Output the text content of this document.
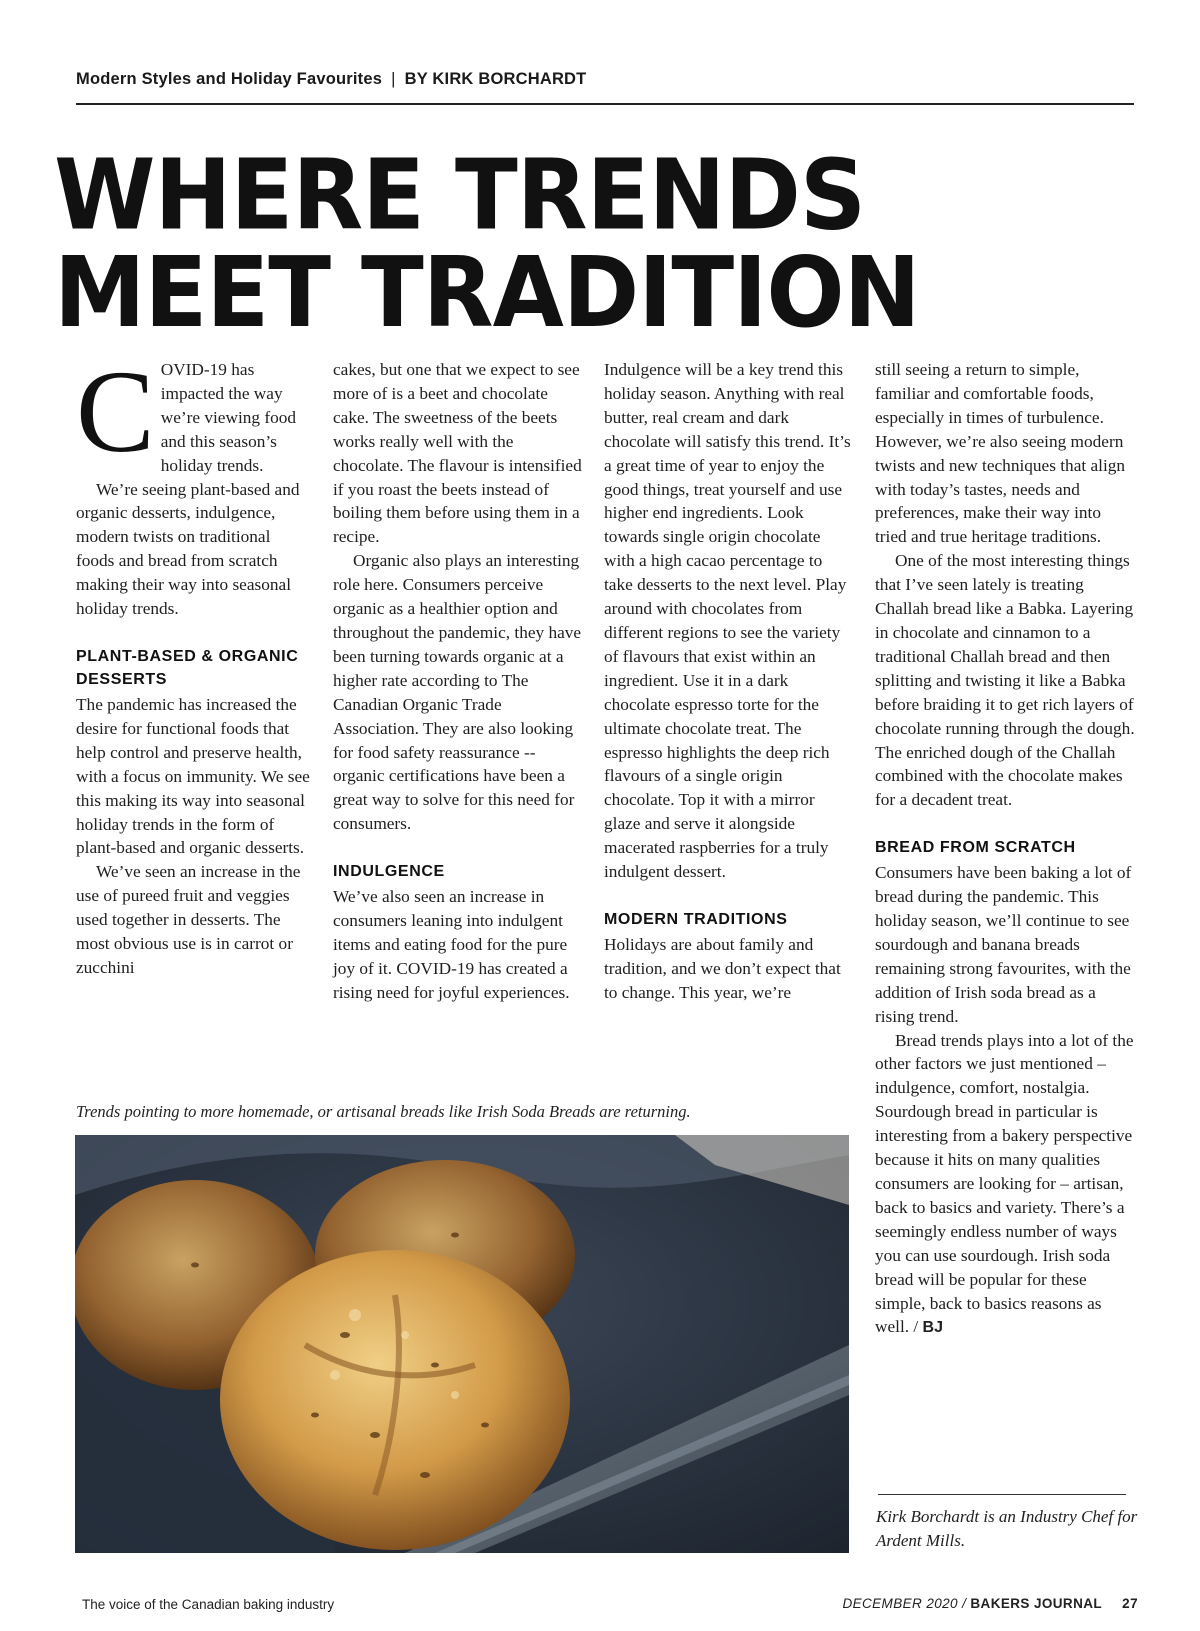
Modern Styles and Holiday Favourites | BY KIRK BORCHARDT
WHERE TRENDS
MEET TRADITION

COVID-19 has impacted the way we’re viewing food and this season’s holiday trends.

We’re seeing plant-based and organic desserts, indulgence, modern twists on traditional foods and bread from scratch making their way into seasonal holiday trends.

PLANT-BASED & ORGANIC DESSERTS

The pandemic has increased the desire for functional foods that help control and preserve health, with a focus on immunity. We see this making its way into seasonal holiday trends in the form of plant-based and organic desserts.

We’ve seen an increase in the use of pureed fruit and veggies used together in desserts. The most obvious use is in carrot or zucchini

cakes, but one that we expect to see more of is a beet and chocolate cake. The sweetness of the beets works really well with the chocolate. The flavour is intensified if you roast the beets instead of boiling them before using them in a recipe.

Organic also plays an interesting role here. Consumers perceive organic as a healthier option and throughout the pandemic, they have been turning towards organic at a higher rate according to The Canadian Organic Trade Association. They are also looking for food safety reassurance -- organic certifications have been a great way to solve for this need for consumers.

INDULGENCE

We’ve also seen an increase in consumers leaning into indulgent items and eating food for the pure joy of it. COVID-19 has created a rising need for joyful experiences.

Indulgence will be a key trend this holiday season. Anything with real butter, real cream and dark chocolate will satisfy this trend. It’s a great time of year to enjoy the good things, treat yourself and use higher end ingredients. Look towards single origin chocolate with a high cacao percentage to take desserts to the next level. Play around with chocolates from different regions to see the variety of flavours that exist within an ingredient. Use it in a dark chocolate espresso torte for the ultimate chocolate treat. The espresso highlights the deep rich flavours of a single origin chocolate. Top it with a mirror glaze and serve it alongside macerated raspberries for a truly indulgent dessert.

MODERN TRADITIONS

Holidays are about family and tradition, and we don’t expect that to change. This year, we’re

still seeing a return to simple, familiar and comfortable foods, especially in times of turbulence. However, we’re also seeing modern twists and new techniques that align with today’s tastes, needs and preferences, make their way into tried and true heritage traditions.

One of the most interesting things that I’ve seen lately is treating Challah bread like a Babka. Layering in chocolate and cinnamon to a traditional Challah bread and then splitting and twisting it like a Babka before braiding it to get rich layers of chocolate running through the dough. The enriched dough of the Challah combined with the chocolate makes for a decadent treat.

BREAD FROM SCRATCH

Consumers have been baking a lot of bread during the pandemic. This holiday season, we’ll continue to see sourdough and banana breads remaining strong favourites, with the addition of Irish soda bread as a rising trend.

Bread trends plays into a lot of the other factors we just mentioned – indulgence, comfort, nostalgia. Sourdough bread in particular is interesting from a bakery perspective because it hits on many qualities consumers are looking for – artisan, back to basics and variety. There’s a seemingly endless number of ways you can use sourdough. Irish soda bread will be popular for these simple, back to basics reasons as well. / BJ

Trends pointing to more homemade, or artisanal breads like Irish Soda Breads are returning.
Kirk Borchardt is an Industry Chef for Ardent Mills.
The voice of the Canadian baking industry	DECEMBER 2020 / BAKERS JOURNAL 27
